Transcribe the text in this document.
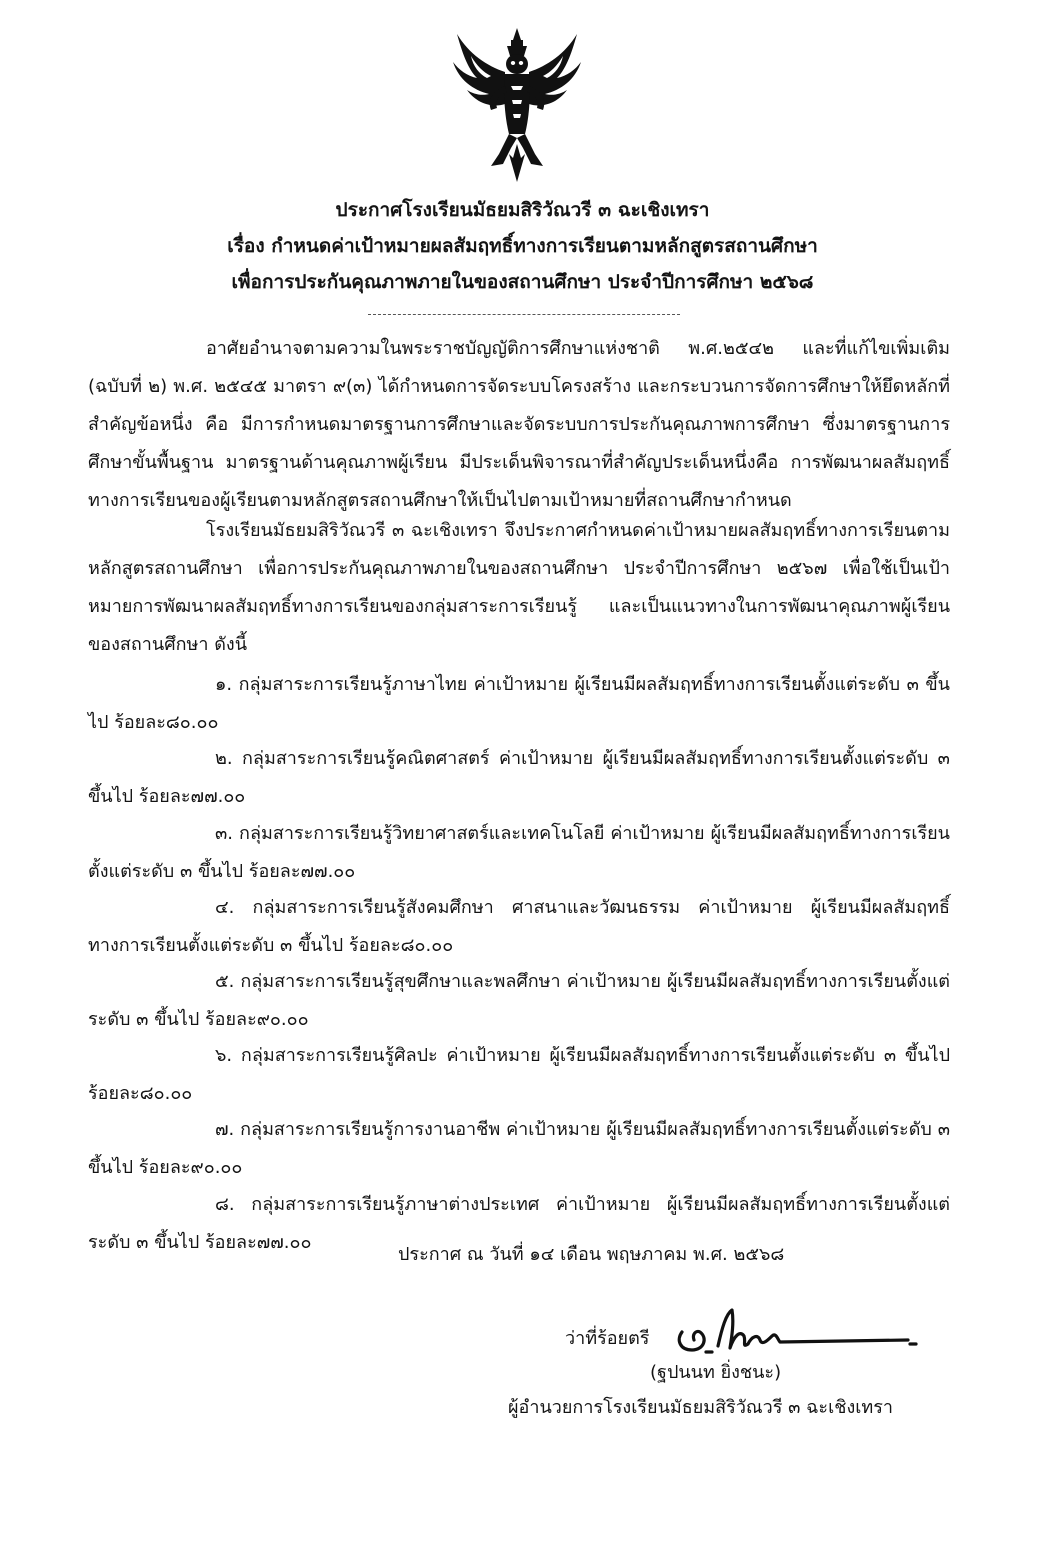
ประกาศโรงเรียนมัธยมสิริวัณวรี ๓ ฉะเชิงเทรา
เรื่อง กำหนดค่าเป้าหมายผลสัมฤทธิ์ทางการเรียนตามหลักสูตรสถานศึกษา
เพื่อการประกันคุณภาพภายในของสถานศึกษา ประจำปีการศึกษา ๒๕๖๘

อาศัยอำนาจตามความในพระราชบัญญัติการศึกษาแห่งชาติ พ.ศ.๒๕๔๒ และที่แก้ไขเพิ่มเติม (ฉบับที่ ๒) พ.ศ. ๒๕๔๕ มาตรา ๙(๓) ได้กำหนดการจัดระบบโครงสร้าง และกระบวนการจัดการศึกษาให้ยึดหลักที่สำคัญข้อหนึ่ง คือ มีการกำหนดมาตรฐานการศึกษาและจัดระบบการประกันคุณภาพการศึกษา ซึ่งมาตรฐานการศึกษาขั้นพื้นฐาน มาตรฐานด้านคุณภาพผู้เรียน มีประเด็นพิจารณาที่สำคัญประเด็นหนึ่งคือ การพัฒนาผลสัมฤทธิ์ทางการเรียนของผู้เรียนตามหลักสูตรสถานศึกษาให้เป็นไปตามเป้าหมายที่สถานศึกษากำหนด

โรงเรียนมัธยมสิริวัณวรี ๓ ฉะเชิงเทรา จึงประกาศกำหนดค่าเป้าหมายผลสัมฤทธิ์ทางการเรียนตามหลักสูตรสถานศึกษา เพื่อการประกันคุณภาพภายในของสถานศึกษา ประจำปีการศึกษา ๒๕๖๗ เพื่อใช้เป็นเป้าหมายการพัฒนาผลสัมฤทธิ์ทางการเรียนของกลุ่มสาระการเรียนรู้ และเป็นแนวทางในการพัฒนาคุณภาพผู้เรียนของสถานศึกษา ดังนี้

๑. กลุ่มสาระการเรียนรู้ภาษาไทย ค่าเป้าหมาย ผู้เรียนมีผลสัมฤทธิ์ทางการเรียนตั้งแต่ระดับ ๓ ขึ้นไป ร้อยละ๘๐.๐๐

๒. กลุ่มสาระการเรียนรู้คณิตศาสตร์ ค่าเป้าหมาย ผู้เรียนมีผลสัมฤทธิ์ทางการเรียนตั้งแต่ระดับ ๓ ขึ้นไป ร้อยละ๗๗.๐๐

๓. กลุ่มสาระการเรียนรู้วิทยาศาสตร์และเทคโนโลยี ค่าเป้าหมาย ผู้เรียนมีผลสัมฤทธิ์ทางการเรียนตั้งแต่ระดับ ๓ ขึ้นไป ร้อยละ๗๗.๐๐

๔. กลุ่มสาระการเรียนรู้สังคมศึกษา ศาสนาและวัฒนธรรม ค่าเป้าหมาย ผู้เรียนมีผลสัมฤทธิ์ทางการเรียนตั้งแต่ระดับ ๓ ขึ้นไป ร้อยละ๘๐.๐๐

๕. กลุ่มสาระการเรียนรู้สุขศึกษาและพลศึกษา ค่าเป้าหมาย ผู้เรียนมีผลสัมฤทธิ์ทางการเรียนตั้งแต่ระดับ ๓ ขึ้นไป ร้อยละ๙๐.๐๐

๖. กลุ่มสาระการเรียนรู้ศิลปะ ค่าเป้าหมาย ผู้เรียนมีผลสัมฤทธิ์ทางการเรียนตั้งแต่ระดับ ๓ ขึ้นไป ร้อยละ๘๐.๐๐

๗. กลุ่มสาระการเรียนรู้การงานอาชีพ ค่าเป้าหมาย ผู้เรียนมีผลสัมฤทธิ์ทางการเรียนตั้งแต่ระดับ ๓ ขึ้นไป ร้อยละ๙๐.๐๐

๘. กลุ่มสาระการเรียนรู้ภาษาต่างประเทศ ค่าเป้าหมาย ผู้เรียนมีผลสัมฤทธิ์ทางการเรียนตั้งแต่ระดับ ๓ ขึ้นไป ร้อยละ๗๗.๐๐

ประกาศ ณ วันที่ ๑๔ เดือน พฤษภาคม พ.ศ. ๒๕๖๘
ว่าที่ร้อยตรี
(ฐปนนท ยิ่งชนะ)
ผู้อำนวยการโรงเรียนมัธยมสิริวัณวรี ๓ ฉะเชิงเทรา
